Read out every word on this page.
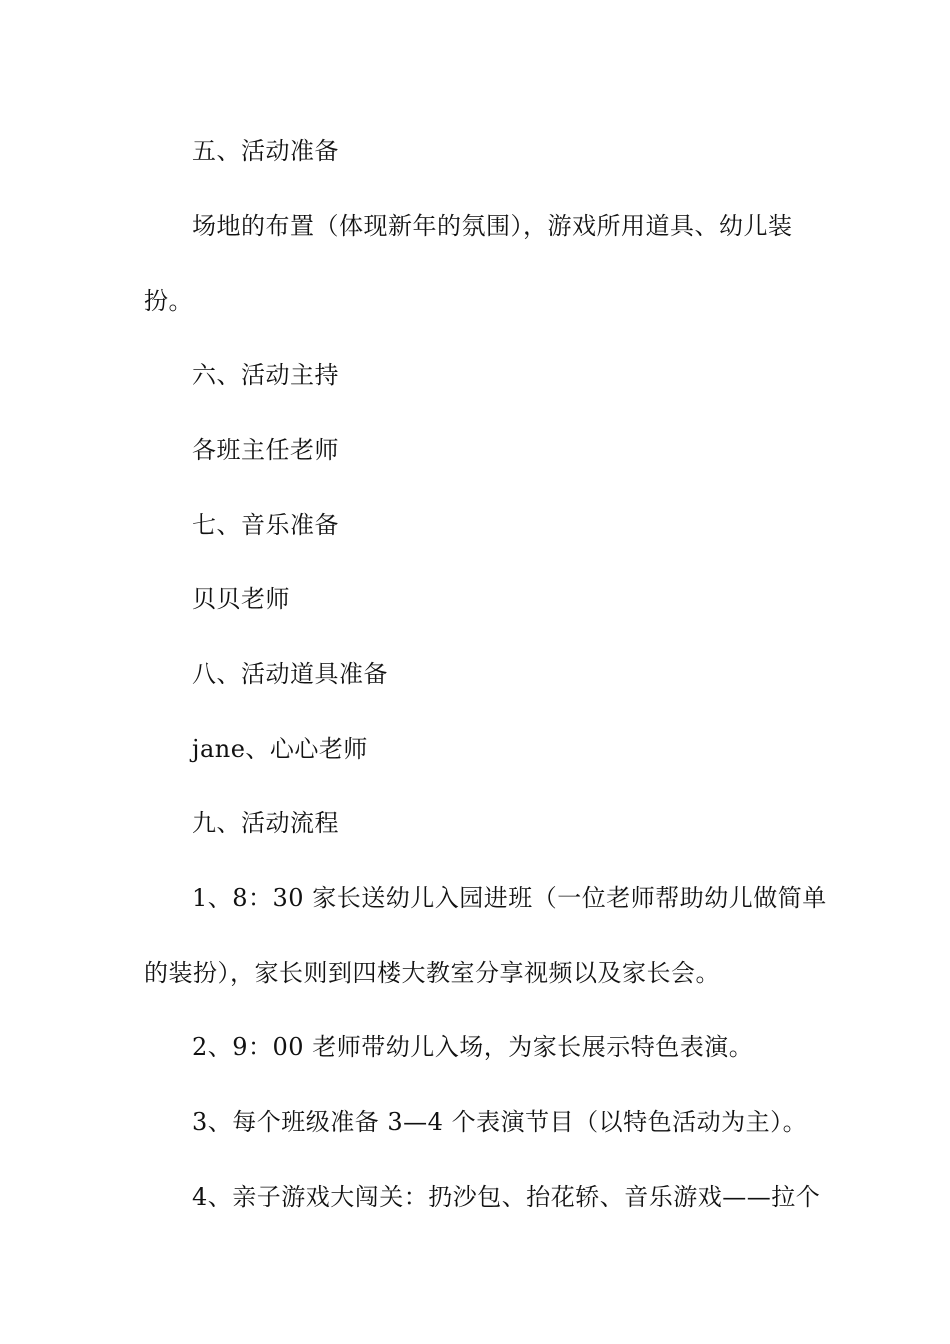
五、活动准备
场地的布置（体现新年的氛围），游戏所用道具、幼儿装
扮。
六、活动主持
各班主任老师
七、音乐准备
贝贝老师
八、活动道具准备
jane、心心老师
九、活动流程
1、8：30 家长送幼儿入园进班（一位老师帮助幼儿做简单
的装扮），家长则到四楼大教室分享视频以及家长会。
2、9：00 老师带幼儿入场，为家长展示特色表演。
3、每个班级准备 3—4 个表演节目（以特色活动为主）。
4、亲子游戏大闯关：扔沙包、抬花轿、音乐游戏——拉个
